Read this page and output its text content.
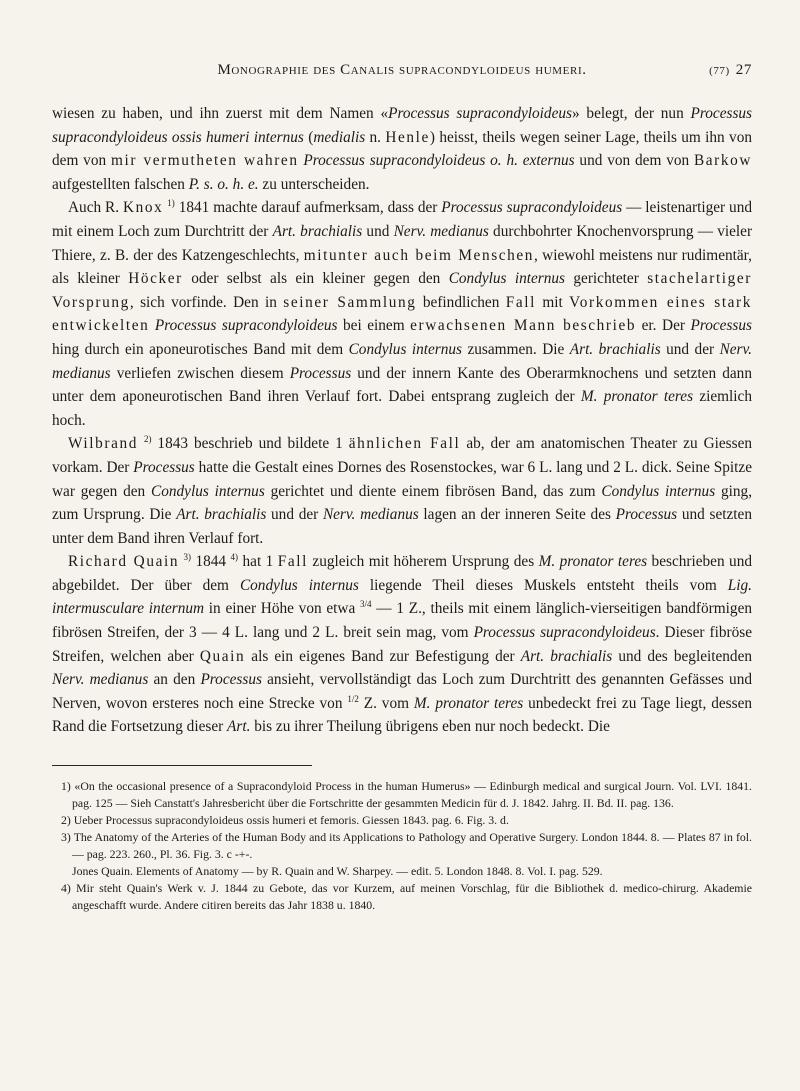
Monographie des Canalis supracondyloideus humeri.	(77) 27

wiesen zu haben, und ihn zuerst mit dem Namen «Processus supracondyloideus» belegt, der nun Processus supracondyloideus ossis humeri internus (medialis n. Henle) heisst, theils wegen seiner Lage, theils um ihn von dem von mir vermutheten wahren Processus supracondyloideus o. h. externus und von dem von Barkow aufgestellten falschen P. s. o. h. e. zu unterscheiden.

Auch R. Knox $^{1)}$ 1841 machte darauf aufmerksam, dass der Processus supracondyloideus — leistenartiger und mit einem Loch zum Durchtritt der Art. brachialis und Nerv. medianus durchbohrter Knochenvorsprung — vieler Thiere, z. B. der des Katzengeschlechts, mitunter auch beim Menschen, wiewohl meistens nur rudimentär, als kleiner Höcker oder selbst als ein kleiner gegen den Condylus internus gerichteter stachelartiger Vorsprung, sich vorfinde. Den in seiner Sammlung befindlichen Fall mit Vorkommen eines stark entwickelten Processus supracondyloideus bei einem erwachsenen Mann beschrieb er. Der Processus hing durch ein aponeurotisches Band mit dem Condylus internus zusammen. Die Art. brachialis und der Nerv. medianus verliefen zwischen diesem Processus und der innern Kante des Oberarmknochens und setzten dann unter dem aponeurotischen Band ihren Verlauf fort. Dabei entsprang zugleich der M. pronator teres ziemlich hoch.

Wilbrand $^{2)}$ 1843 beschrieb und bildete 1 ähnlichen Fall ab, der am anatomischen Theater zu Giessen vorkam. Der Processus hatte die Gestalt eines Dornes des Rosenstockes, war 6 L. lang und 2 L. dick. Seine Spitze war gegen den Condylus internus gerichtet und diente einem fibrösen Band, das zum Condylus internus ging, zum Ursprung. Die Art. brachialis und der Nerv. medianus lagen an der inneren Seite des Processus und setzten unter dem Band ihren Verlauf fort.

Richard Quain $^{3)}$ 1844 $^{4)}$ hat 1 Fall zugleich mit höherem Ursprung des M. pronator teres beschrieben und abgebildet. Der über dem Condylus internus liegende Theil dieses Muskels entsteht theils vom Lig. intermusculare internum in einer Höhe von etwa $^{3/4}$ — 1 Z., theils mit einem länglich-vierseitigen bandförmigen fibrösen Streifen, der 3 — 4 L. lang und 2 L. breit sein mag, vom Processus supracondyloideus. Dieser fibröse Streifen, welchen aber Quain als ein eigenes Band zur Befestigung der Art. brachialis und des begleitenden Nerv. medianus an den Processus ansieht, vervollständigt das Loch zum Durchtritt des genannten Gefässes und Nerven, wovon ersteres noch eine Strecke von $^{1/2}$ Z. vom M. pronator teres unbedeckt frei zu Tage liegt, dessen Rand die Fortsetzung dieser Art. bis zu ihrer Theilung übrigens eben nur noch bedeckt. Die

1) «On the occasional presence of a Supracondyloid Process in the human Humerus» — Edinburgh medical and surgical Journ. Vol. LVI. 1841. pag. 125 — Sieh Canstatt's Jahresbericht über die Fortschritte der gesammten Medicin für d. J. 1842. Jahrg. II. Bd. II. pag. 136.

2) Ueber Processus supracondyloideus ossis humeri et femoris. Giessen 1843. pag. 6. Fig. 3. d.

3) The Anatomy of the Arteries of the Human Body and its Applications to Pathology and Operative Surgery. London 1844. 8. — Plates 87 in fol. — pag. 223. 260., Pl. 36. Fig. 3. c -+-.

Jones Quain. Elements of Anatomy — by R. Quain and W. Sharpey. — edit. 5. London 1848. 8. Vol. I. pag. 529.

4) Mir steht Quain's Werk v. J. 1844 zu Gebote, das vor Kurzem, auf meinen Vorschlag, für die Bibliothek d. medico-chirurg. Akademie angeschafft wurde. Andere citiren bereits das Jahr 1838 u. 1840.
